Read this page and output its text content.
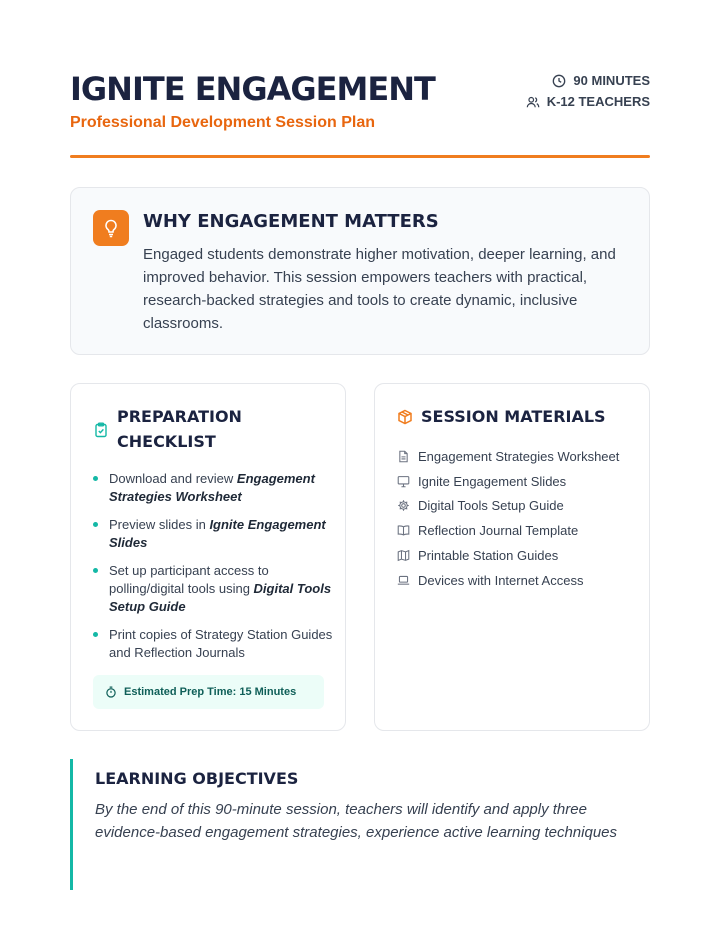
IGNITE ENGAGEMENT
Professional Development Session Plan
90 MINUTES
K-12 TEACHERS
WHY ENGAGEMENT MATTERS
Engaged students demonstrate higher motivation, deeper learning, and improved behavior. This session empowers teachers with practical, research-backed strategies and tools to create dynamic, inclusive classrooms.
PREPARATION CHECKLIST
Download and review Engagement Strategies Worksheet
Preview slides in Ignite Engagement Slides
Set up participant access to polling/digital tools using Digital Tools Setup Guide
Print copies of Strategy Station Guides and Reflection Journals
Estimated Prep Time: 15 Minutes
SESSION MATERIALS
Engagement Strategies Worksheet
Ignite Engagement Slides
Digital Tools Setup Guide
Reflection Journal Template
Printable Station Guides
Devices with Internet Access
LEARNING OBJECTIVES
By the end of this 90-minute session, teachers will identify and apply three evidence-based engagement strategies, experience active learning techniques
